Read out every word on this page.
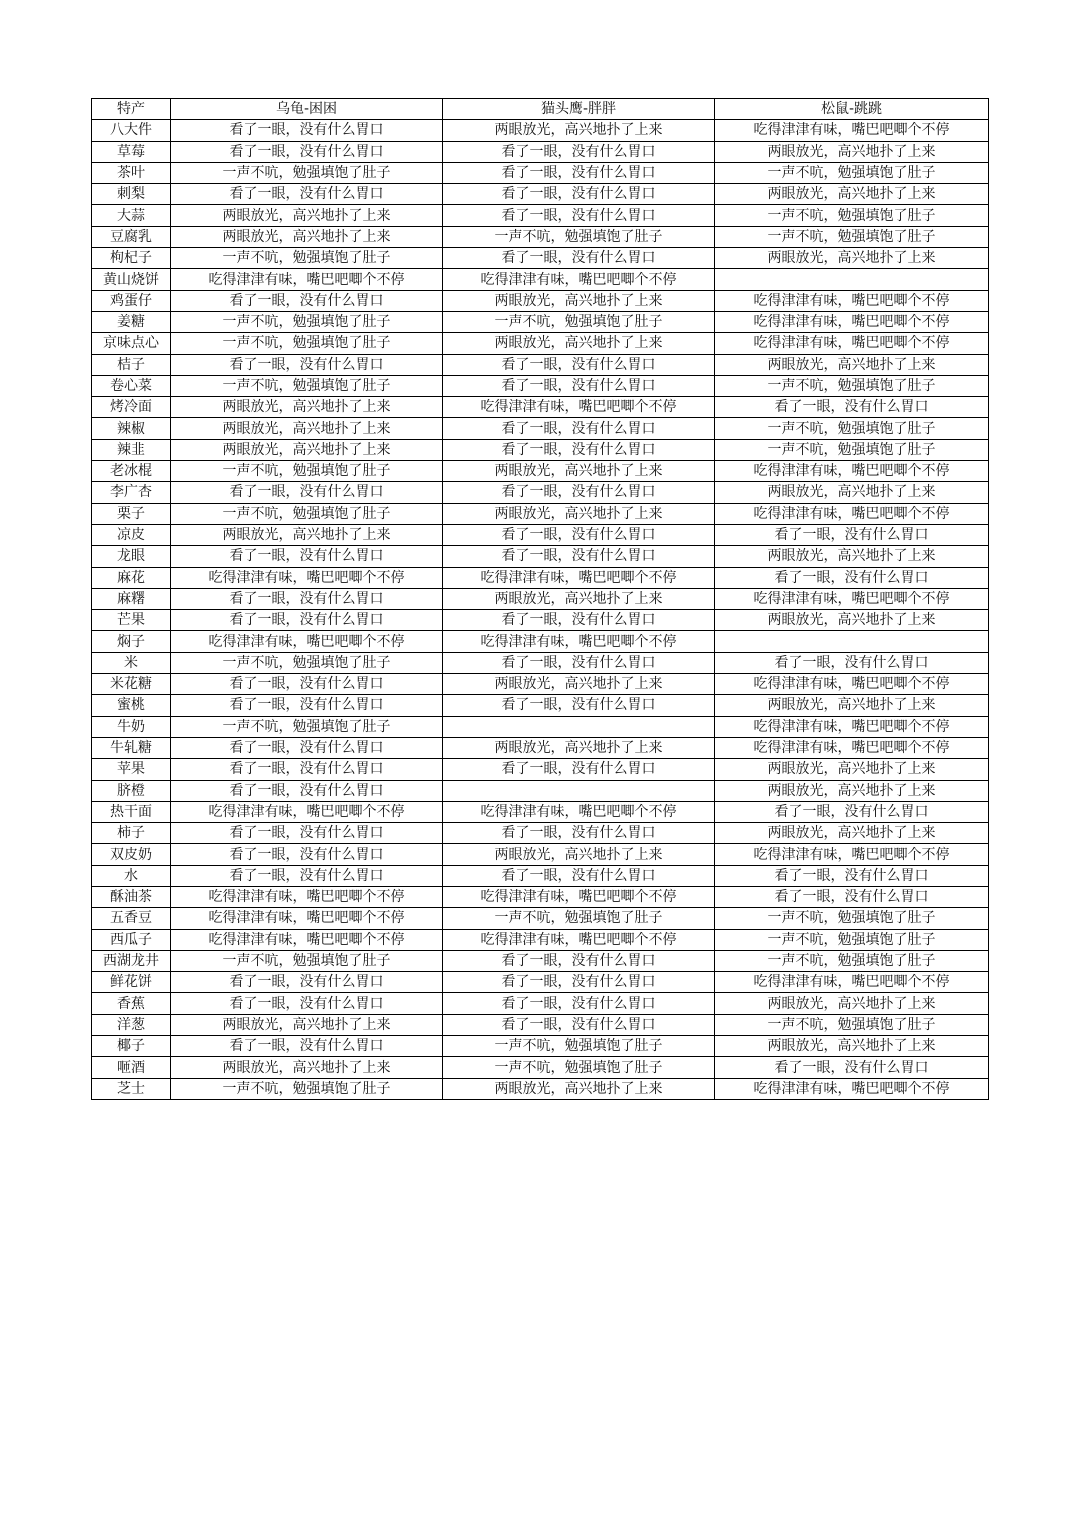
特产	乌龟-困困	猫头鹰-胖胖	松鼠-跳跳
八大件	看了一眼，没有什么胃口	两眼放光，高兴地扑了上来	吃得津津有味，嘴巴吧唧个不停
草莓	看了一眼，没有什么胃口	看了一眼，没有什么胃口	两眼放光，高兴地扑了上来
茶叶	一声不吭，勉强填饱了肚子	看了一眼，没有什么胃口	一声不吭，勉强填饱了肚子
刺梨	看了一眼，没有什么胃口	看了一眼，没有什么胃口	两眼放光，高兴地扑了上来
大蒜	两眼放光，高兴地扑了上来	看了一眼，没有什么胃口	一声不吭，勉强填饱了肚子
豆腐乳	两眼放光，高兴地扑了上来	一声不吭，勉强填饱了肚子	一声不吭，勉强填饱了肚子
枸杞子	一声不吭，勉强填饱了肚子	看了一眼，没有什么胃口	两眼放光，高兴地扑了上来
黄山烧饼	吃得津津有味，嘴巴吧唧个不停	吃得津津有味，嘴巴吧唧个不停	
鸡蛋仔	看了一眼，没有什么胃口	两眼放光，高兴地扑了上来	吃得津津有味，嘴巴吧唧个不停
姜糖	一声不吭，勉强填饱了肚子	一声不吭，勉强填饱了肚子	吃得津津有味，嘴巴吧唧个不停
京味点心	一声不吭，勉强填饱了肚子	两眼放光，高兴地扑了上来	吃得津津有味，嘴巴吧唧个不停
桔子	看了一眼，没有什么胃口	看了一眼，没有什么胃口	两眼放光，高兴地扑了上来
卷心菜	一声不吭，勉强填饱了肚子	看了一眼，没有什么胃口	一声不吭，勉强填饱了肚子
烤冷面	两眼放光，高兴地扑了上来	吃得津津有味，嘴巴吧唧个不停	看了一眼，没有什么胃口
辣椒	两眼放光，高兴地扑了上来	看了一眼，没有什么胃口	一声不吭，勉强填饱了肚子
辣韭	两眼放光，高兴地扑了上来	看了一眼，没有什么胃口	一声不吭，勉强填饱了肚子
老冰棍	一声不吭，勉强填饱了肚子	两眼放光，高兴地扑了上来	吃得津津有味，嘴巴吧唧个不停
李广杏	看了一眼，没有什么胃口	看了一眼，没有什么胃口	两眼放光，高兴地扑了上来
栗子	一声不吭，勉强填饱了肚子	两眼放光，高兴地扑了上来	吃得津津有味，嘴巴吧唧个不停
凉皮	两眼放光，高兴地扑了上来	看了一眼，没有什么胃口	看了一眼，没有什么胃口
龙眼	看了一眼，没有什么胃口	看了一眼，没有什么胃口	两眼放光，高兴地扑了上来
麻花	吃得津津有味，嘴巴吧唧个不停	吃得津津有味，嘴巴吧唧个不停	看了一眼，没有什么胃口
麻糬	看了一眼，没有什么胃口	两眼放光，高兴地扑了上来	吃得津津有味，嘴巴吧唧个不停
芒果	看了一眼，没有什么胃口	看了一眼，没有什么胃口	两眼放光，高兴地扑了上来
焖子	吃得津津有味，嘴巴吧唧个不停	吃得津津有味，嘴巴吧唧个不停	
米	一声不吭，勉强填饱了肚子	看了一眼，没有什么胃口	看了一眼，没有什么胃口
米花糖	看了一眼，没有什么胃口	两眼放光，高兴地扑了上来	吃得津津有味，嘴巴吧唧个不停
蜜桃	看了一眼，没有什么胃口	看了一眼，没有什么胃口	两眼放光，高兴地扑了上来
牛奶	一声不吭，勉强填饱了肚子		吃得津津有味，嘴巴吧唧个不停
牛轧糖	看了一眼，没有什么胃口	两眼放光，高兴地扑了上来	吃得津津有味，嘴巴吧唧个不停
苹果	看了一眼，没有什么胃口	看了一眼，没有什么胃口	两眼放光，高兴地扑了上来
脐橙	看了一眼，没有什么胃口		两眼放光，高兴地扑了上来
热干面	吃得津津有味，嘴巴吧唧个不停	吃得津津有味，嘴巴吧唧个不停	看了一眼，没有什么胃口
柿子	看了一眼，没有什么胃口	看了一眼，没有什么胃口	两眼放光，高兴地扑了上来
双皮奶	看了一眼，没有什么胃口	两眼放光，高兴地扑了上来	吃得津津有味，嘴巴吧唧个不停
水	看了一眼，没有什么胃口	看了一眼，没有什么胃口	看了一眼，没有什么胃口
酥油茶	吃得津津有味，嘴巴吧唧个不停	吃得津津有味，嘴巴吧唧个不停	看了一眼，没有什么胃口
五香豆	吃得津津有味，嘴巴吧唧个不停	一声不吭，勉强填饱了肚子	一声不吭，勉强填饱了肚子
西瓜子	吃得津津有味，嘴巴吧唧个不停	吃得津津有味，嘴巴吧唧个不停	一声不吭，勉强填饱了肚子
西湖龙井	一声不吭，勉强填饱了肚子	看了一眼，没有什么胃口	一声不吭，勉强填饱了肚子
鲜花饼	看了一眼，没有什么胃口	看了一眼，没有什么胃口	吃得津津有味，嘴巴吧唧个不停
香蕉	看了一眼，没有什么胃口	看了一眼，没有什么胃口	两眼放光，高兴地扑了上来
洋葱	两眼放光，高兴地扑了上来	看了一眼，没有什么胃口	一声不吭，勉强填饱了肚子
椰子	看了一眼，没有什么胃口	一声不吭，勉强填饱了肚子	两眼放光，高兴地扑了上来
咂酒	两眼放光，高兴地扑了上来	一声不吭，勉强填饱了肚子	看了一眼，没有什么胃口
芝士	一声不吭，勉强填饱了肚子	两眼放光，高兴地扑了上来	吃得津津有味，嘴巴吧唧个不停
